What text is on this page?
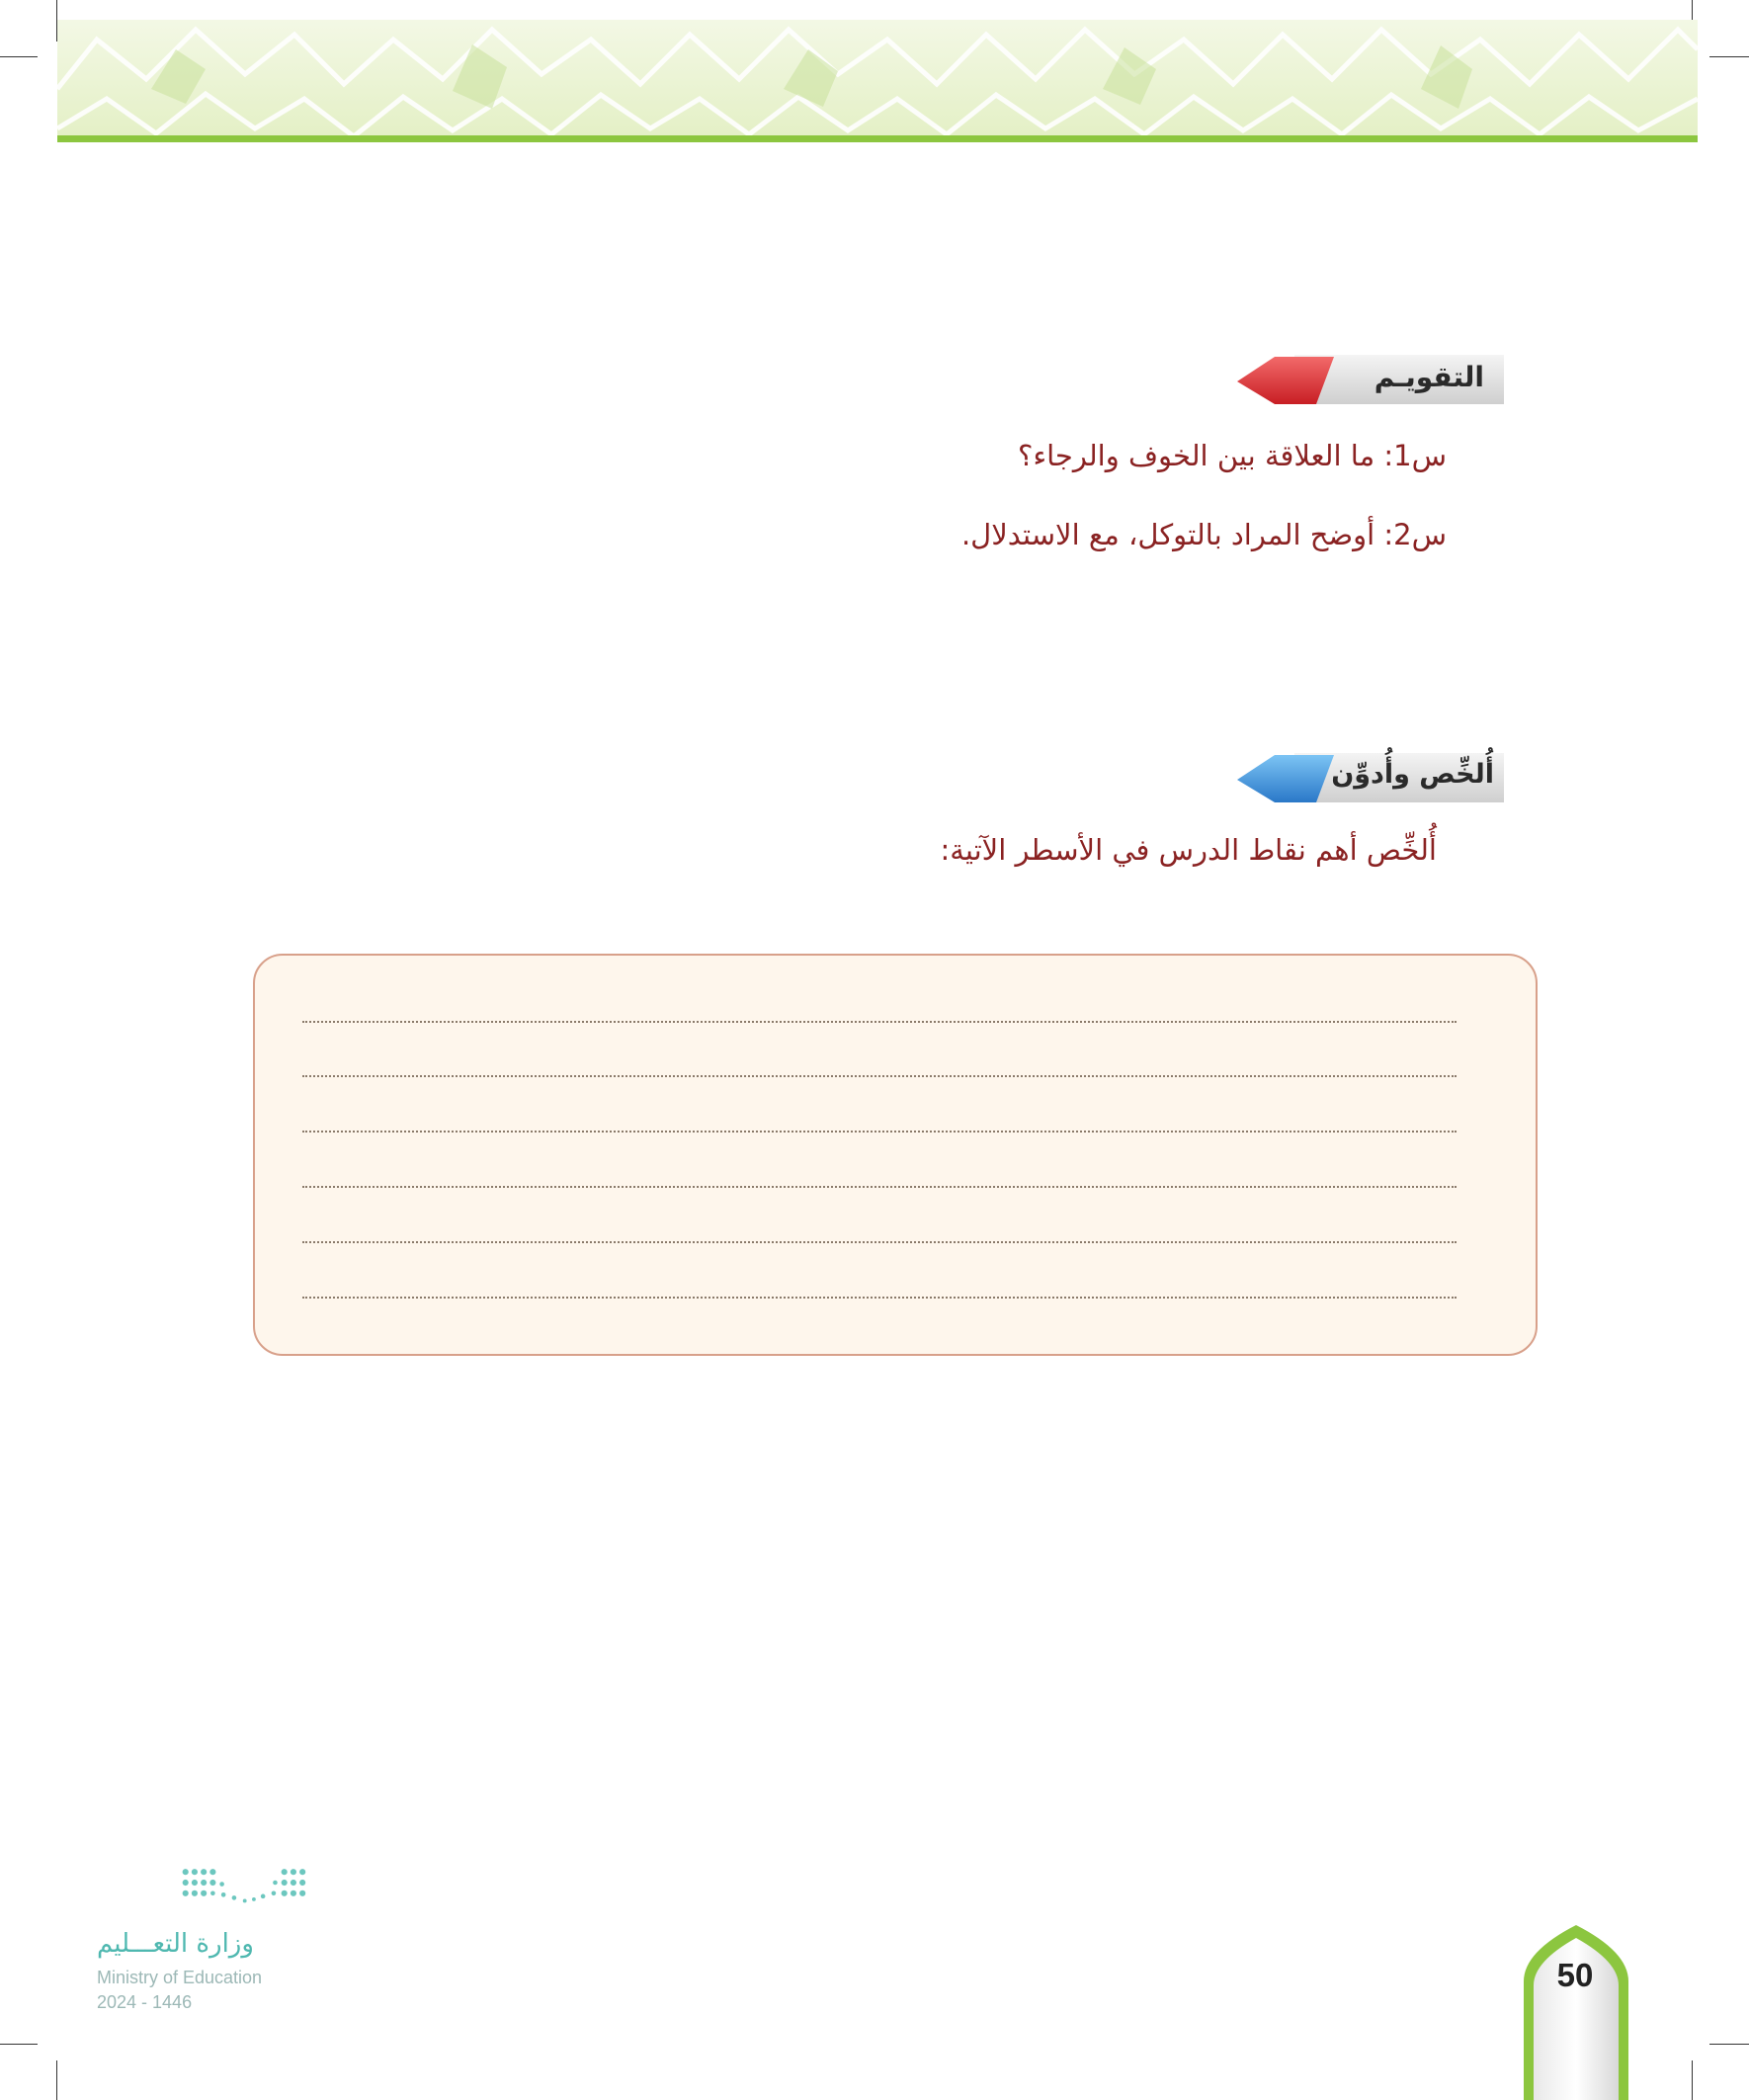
التقويـم
س1: ما العلاقة بين الخوف والرجاء؟
س2: أوضح المراد بالتوكل، مع الاستدلال.
أُلخِّص وأُدوِّن
أُلخِّص أهم نقاط الدرس في الأسطر الآتية:
وزارة التعـــليم
Ministry of Education
2024 - 1446
50
